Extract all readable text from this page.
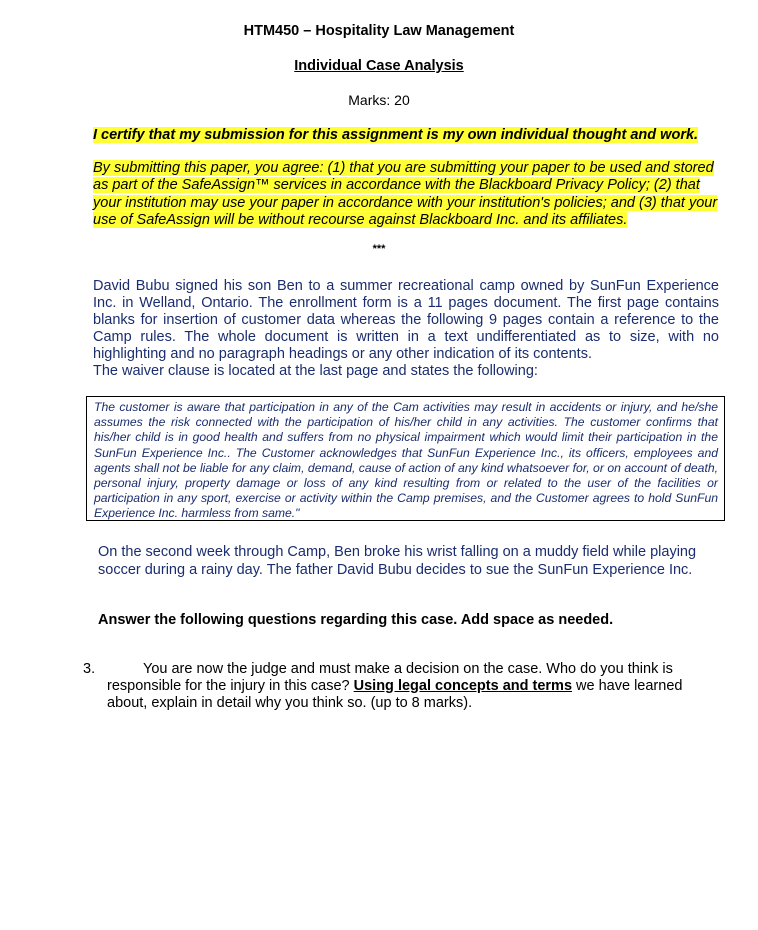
HTM450 – Hospitality Law Management
Individual Case Analysis
Marks: 20
I certify that my submission for this assignment is my own individual thought and work.
By submitting this paper, you agree: (1) that you are submitting your paper to be used and stored as part of the SafeAssign™ services in accordance with the Blackboard Privacy Policy; (2) that your institution may use your paper in accordance with your institution's policies; and (3) that your use of SafeAssign will be without recourse against Blackboard Inc. and its affiliates.
***

David Bubu signed his son Ben to a summer recreational camp owned by SunFun Experience Inc. in Welland, Ontario. The enrollment form is a 11 pages document. The first page contains blanks for insertion of customer data whereas the following 9 pages contain a reference to the Camp rules. The whole document is written in a text undifferentiated as to size, with no highlighting and no paragraph headings or any other indication of its contents.

The waiver clause is located at the last page and states the following:

The customer is aware that participation in any of the Cam activities may result in accidents or injury, and he/she assumes the risk connected with the participation of his/her child in any activities. The customer confirms that his/her child is in good health and suffers from no physical impairment which would limit their participation in the SunFun Experience Inc.. The Customer acknowledges that SunFun Experience Inc., its officers, employees and agents shall not be liable for any claim, demand, cause of action of any kind whatsoever for, or on account of death, personal injury, property damage or loss of any kind resulting from or related to the user of the facilities or participation in any sport, exercise or activity within the Camp premises, and the Customer agrees to hold SunFun Experience Inc. harmless from same."
On the second week through Camp, Ben broke his wrist falling on a muddy field while playing soccer during a rainy day. The father David Bubu decides to sue the SunFun Experience Inc.
Answer the following questions regarding this case. Add space as needed.
3.	You are now the judge and must make a decision on the case. Who do you think is responsible for the injury in this case? Using legal concepts and terms we have learned about, explain in detail why you think so. (up to 8 marks).
